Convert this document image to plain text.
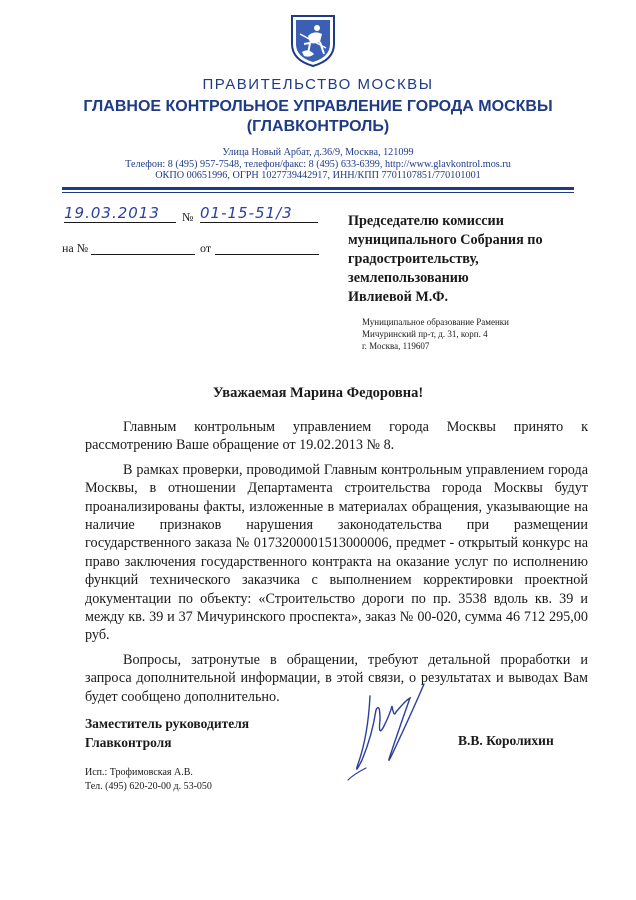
ПРАВИТЕЛЬСТВО МОСКВЫ
ГЛАВНОЕ КОНТРОЛЬНОЕ УПРАВЛЕНИЕ ГОРОДА МОСКВЫ
(ГЛАВКОНТРОЛЬ)
Улица Новый Арбат, д.36/9, Москва, 121099
Телефон: 8 (495) 957-7548, телефон/факс: 8 (495) 633-6399, http://www.glavkontrol.mos.ru
ОКПО 00651996, ОГРН 1027739442917, ИНН/КПП 7701107851/770101001
19.03.2013	№ 01-15-51/3
на №	от
Председателю комиссии
муниципального Собрания по
градостроительству,
землепользованию
Ивлиевой М.Ф.
Муниципальное образование Раменки
Мичуринский пр-т, д. 31, корп. 4
г. Москва, 119607
Уважаемая Марина Федоровна!

Главным контрольным управлением города Москвы принято к рассмотрению Ваше обращение от 19.02.2013 № 8.

В рамках проверки, проводимой Главным контрольным управлением города Москвы, в отношении Департамента строительства города Москвы будут проанализированы факты, изложенные в материалах обращения, указывающие на наличие признаков нарушения законодательства при размещении государственного заказа № 0173200001513000006, предмет - открытый конкурс на право заключения государственного контракта на оказание услуг по исполнению функций технического заказчика с выполнением корректировки проектной документации по объекту: «Строительство дороги по пр. 3538 вдоль кв. 39 и между кв. 39 и 37 Мичуринского проспекта», заказ № 00-020, сумма 46 712 295,00 руб.

Вопросы, затронутые в обращении, требуют детальной проработки и запроса дополнительной информации, в этой связи, о результатах и выводах Вам будет сообщено дополнительно.

Заместитель руководителя
Главконтроля	В.В. Королихин
Исп.: Трофимовская А.В.
Тел. (495) 620-20-00 д. 53-050
